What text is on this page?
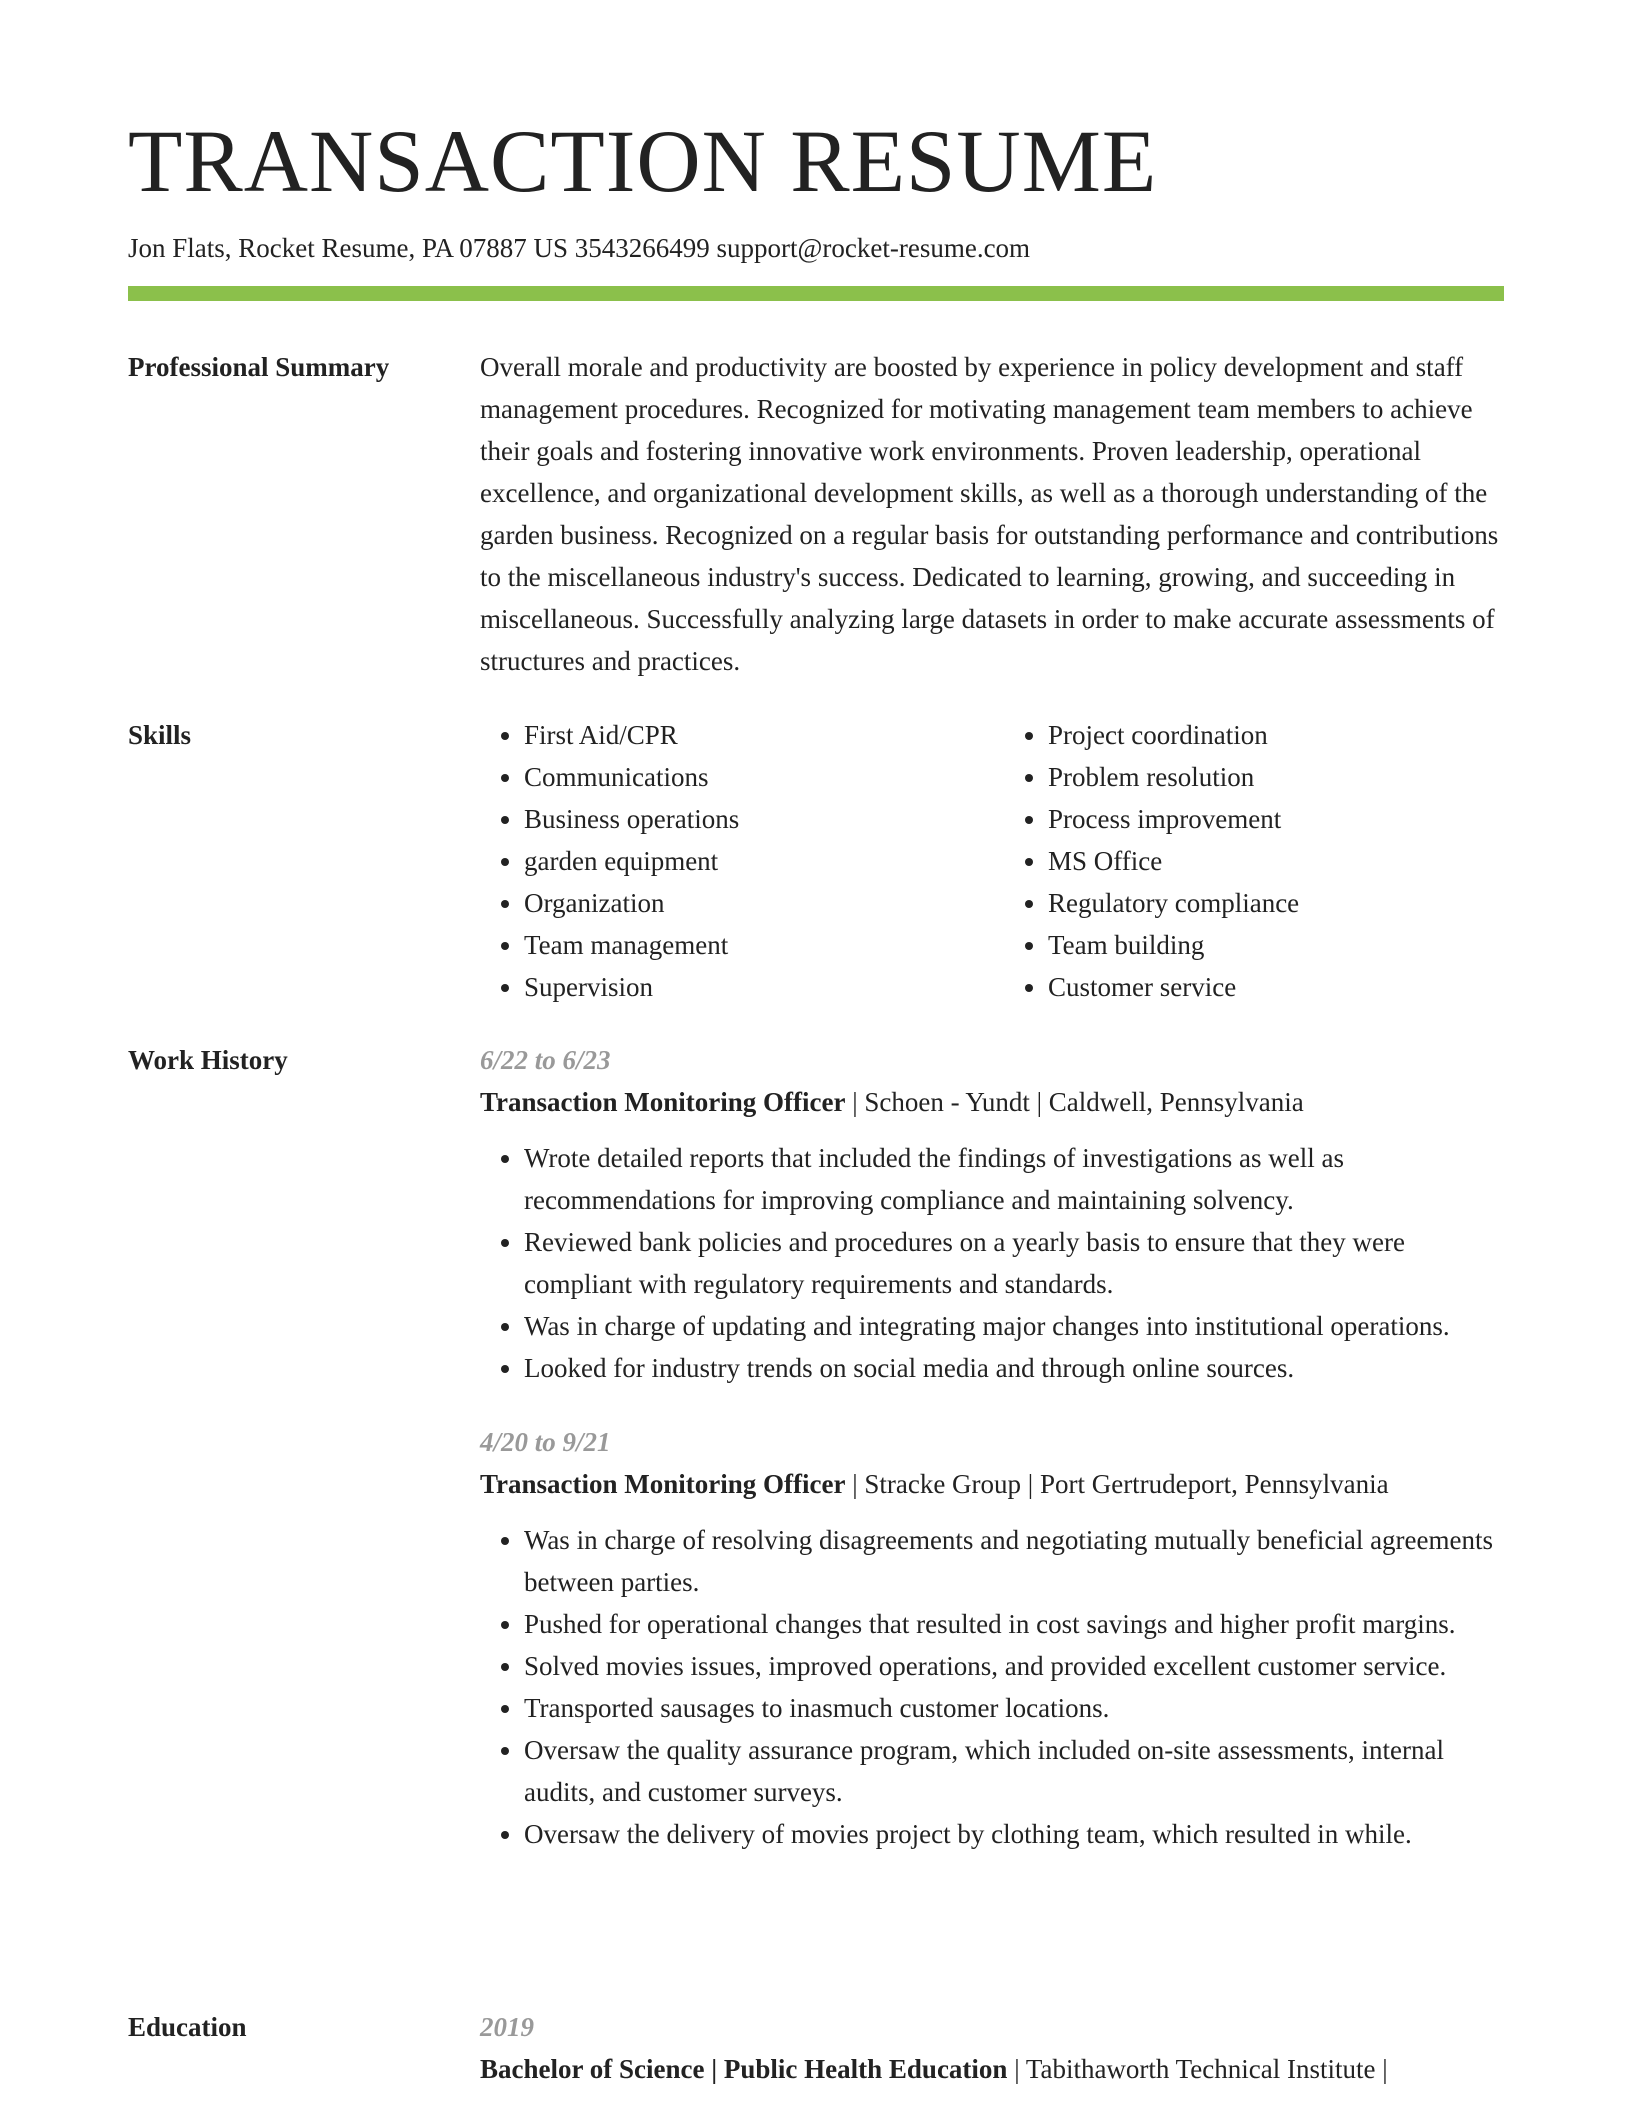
TRANSACTION RESUME
Jon Flats, Rocket Resume, PA 07887 US 3543266499 support@rocket-resume.com
Professional Summary	Overall morale and productivity are boosted by experience in policy development and staff management procedures. Recognized for motivating management team members to achieve their goals and fostering innovative work environments. Proven leadership, operational excellence, and organizational development skills, as well as a thorough understanding of the garden business. Recognized on a regular basis for outstanding performance and contributions to the miscellaneous industry's success. Dedicated to learning, growing, and succeeding in miscellaneous. Successfully analyzing large datasets in order to make accurate assessments of structures and practices.

Skills
•	First Aid/CPR
• Communications
• Business operations
• garden equipment
• Organization
• Team management
• Supervision
• Project coordination
• Problem resolution
• Process improvement
• MS Office
• Regulatory compliance
• Team building
• Customer service
Work History	6/22 to 6/23
Transaction Monitoring Officer | Schoen - Yundt | Caldwell, Pennsylvania
• Wrote detailed reports that included the findings of investigations as well as recommendations for improving compliance and maintaining solvency.
• Reviewed bank policies and procedures on a yearly basis to ensure that they were compliant with regulatory requirements and standards.
• Was in charge of updating and integrating major changes into institutional operations.
• Looked for industry trends on social media and through online sources.
4/20 to 9/21
Transaction Monitoring Officer | Stracke Group | Port Gertrudeport, Pennsylvania
• Was in charge of resolving disagreements and negotiating mutually beneficial agreements between parties.
• Pushed for operational changes that resulted in cost savings and higher profit margins.
• Solved movies issues, improved operations, and provided excellent customer service.
• Transported sausages to inasmuch customer locations.
• Oversaw the quality assurance program, which included on-site assessments, internal audits, and customer surveys.
• Oversaw the delivery of movies project by clothing team, which resulted in while.
Education	2019
Bachelor of Science | Public Health Education | Tabithaworth Technical Institute |
